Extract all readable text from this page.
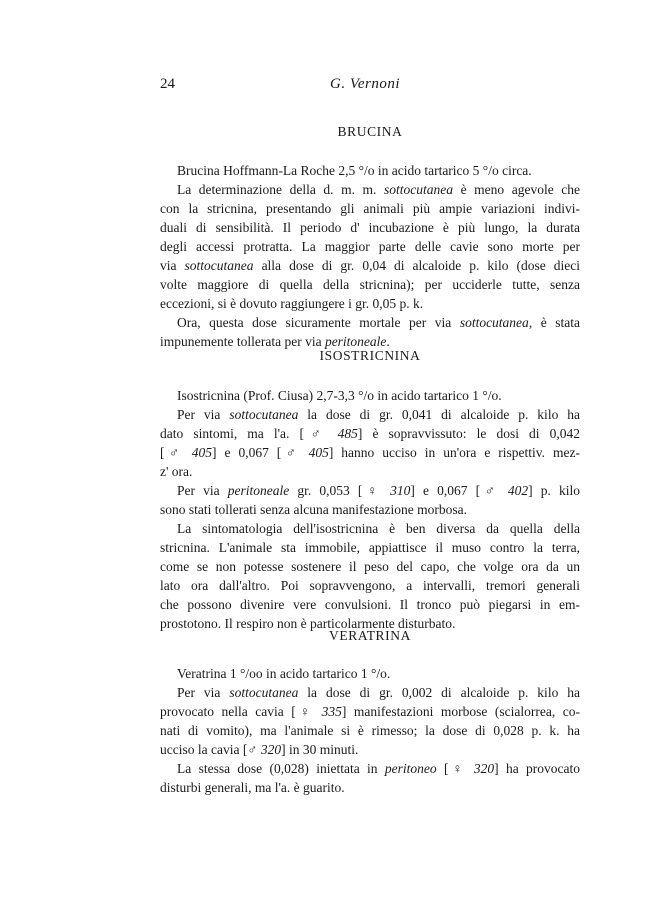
24	G. Vernoni
BRUCINA
Brucina Hoffmann-La Roche 2,5 °/o in acido tartarico 5 °/o circa.
La determinazione della d. m. m. sottocutanea è meno agevole che
con la stricnina, presentando gli animali più ampie variazioni indivi-
duali di sensibilità. Il periodo d' incubazione è più lungo, la durata
degli accessi protratta. La maggior parte delle cavie sono morte per
via sottocutanea alla dose di gr. 0,04 di alcaloide p. kilo (dose dieci
volte maggiore di quella della stricnina); per ucciderle tutte, senza
eccezioni, si è dovuto raggiungere i gr. 0,05 p. k.
Ora, questa dose sicuramente mortale per via sottocutanea, è stata
impunemente tollerata per via peritoneale.
ISOSTRICNINA
Isostricnina (Prof. Ciusa) 2,7-3,3 °/o in acido tartarico 1 °/o.
Per via sottocutanea la dose di gr. 0,041 di alcaloide p. kilo ha
dato sintomi, ma l'a. [♂ 485] è sopravvissuto: le dosi di 0,042
[♂ 405] e 0,067 [♂ 405] hanno ucciso in un'ora e rispettiv. mez-
z' ora.
Per via peritoneale gr. 0,053 [♀ 310] e 0,067 [♂ 402] p. kilo
sono stati tollerati senza alcuna manifestazione morbosa.
La sintomatologia dell'isostricnina è ben diversa da quella della
stricnina. L'animale sta immobile, appiattisce il muso contro la terra,
come se non potesse sostenere il peso del capo, che volge ora da un
lato ora dall'altro. Poi sopravvengono, a intervalli, tremori generali
che possono divenire vere convulsioni. Il tronco può piegarsi in em-
prostotono. Il respiro non è particolarmente disturbato.
VERATRINA
Veratrina 1 °/oo in acido tartarico 1 °/o.
Per via sottocutanea la dose di gr. 0,002 di alcaloide p. kilo ha
provocato nella cavia [♀ 335] manifestazioni morbose (scialorrea, co-
nati di vomito), ma l'animale si è rimesso; la dose di 0,028 p. k. ha
ucciso la cavia [♂ 320] in 30 minuti.
La stessa dose (0,028) iniettata in peritoneo [♀ 320] ha provocato
disturbi generali, ma l'a. è guarito.
